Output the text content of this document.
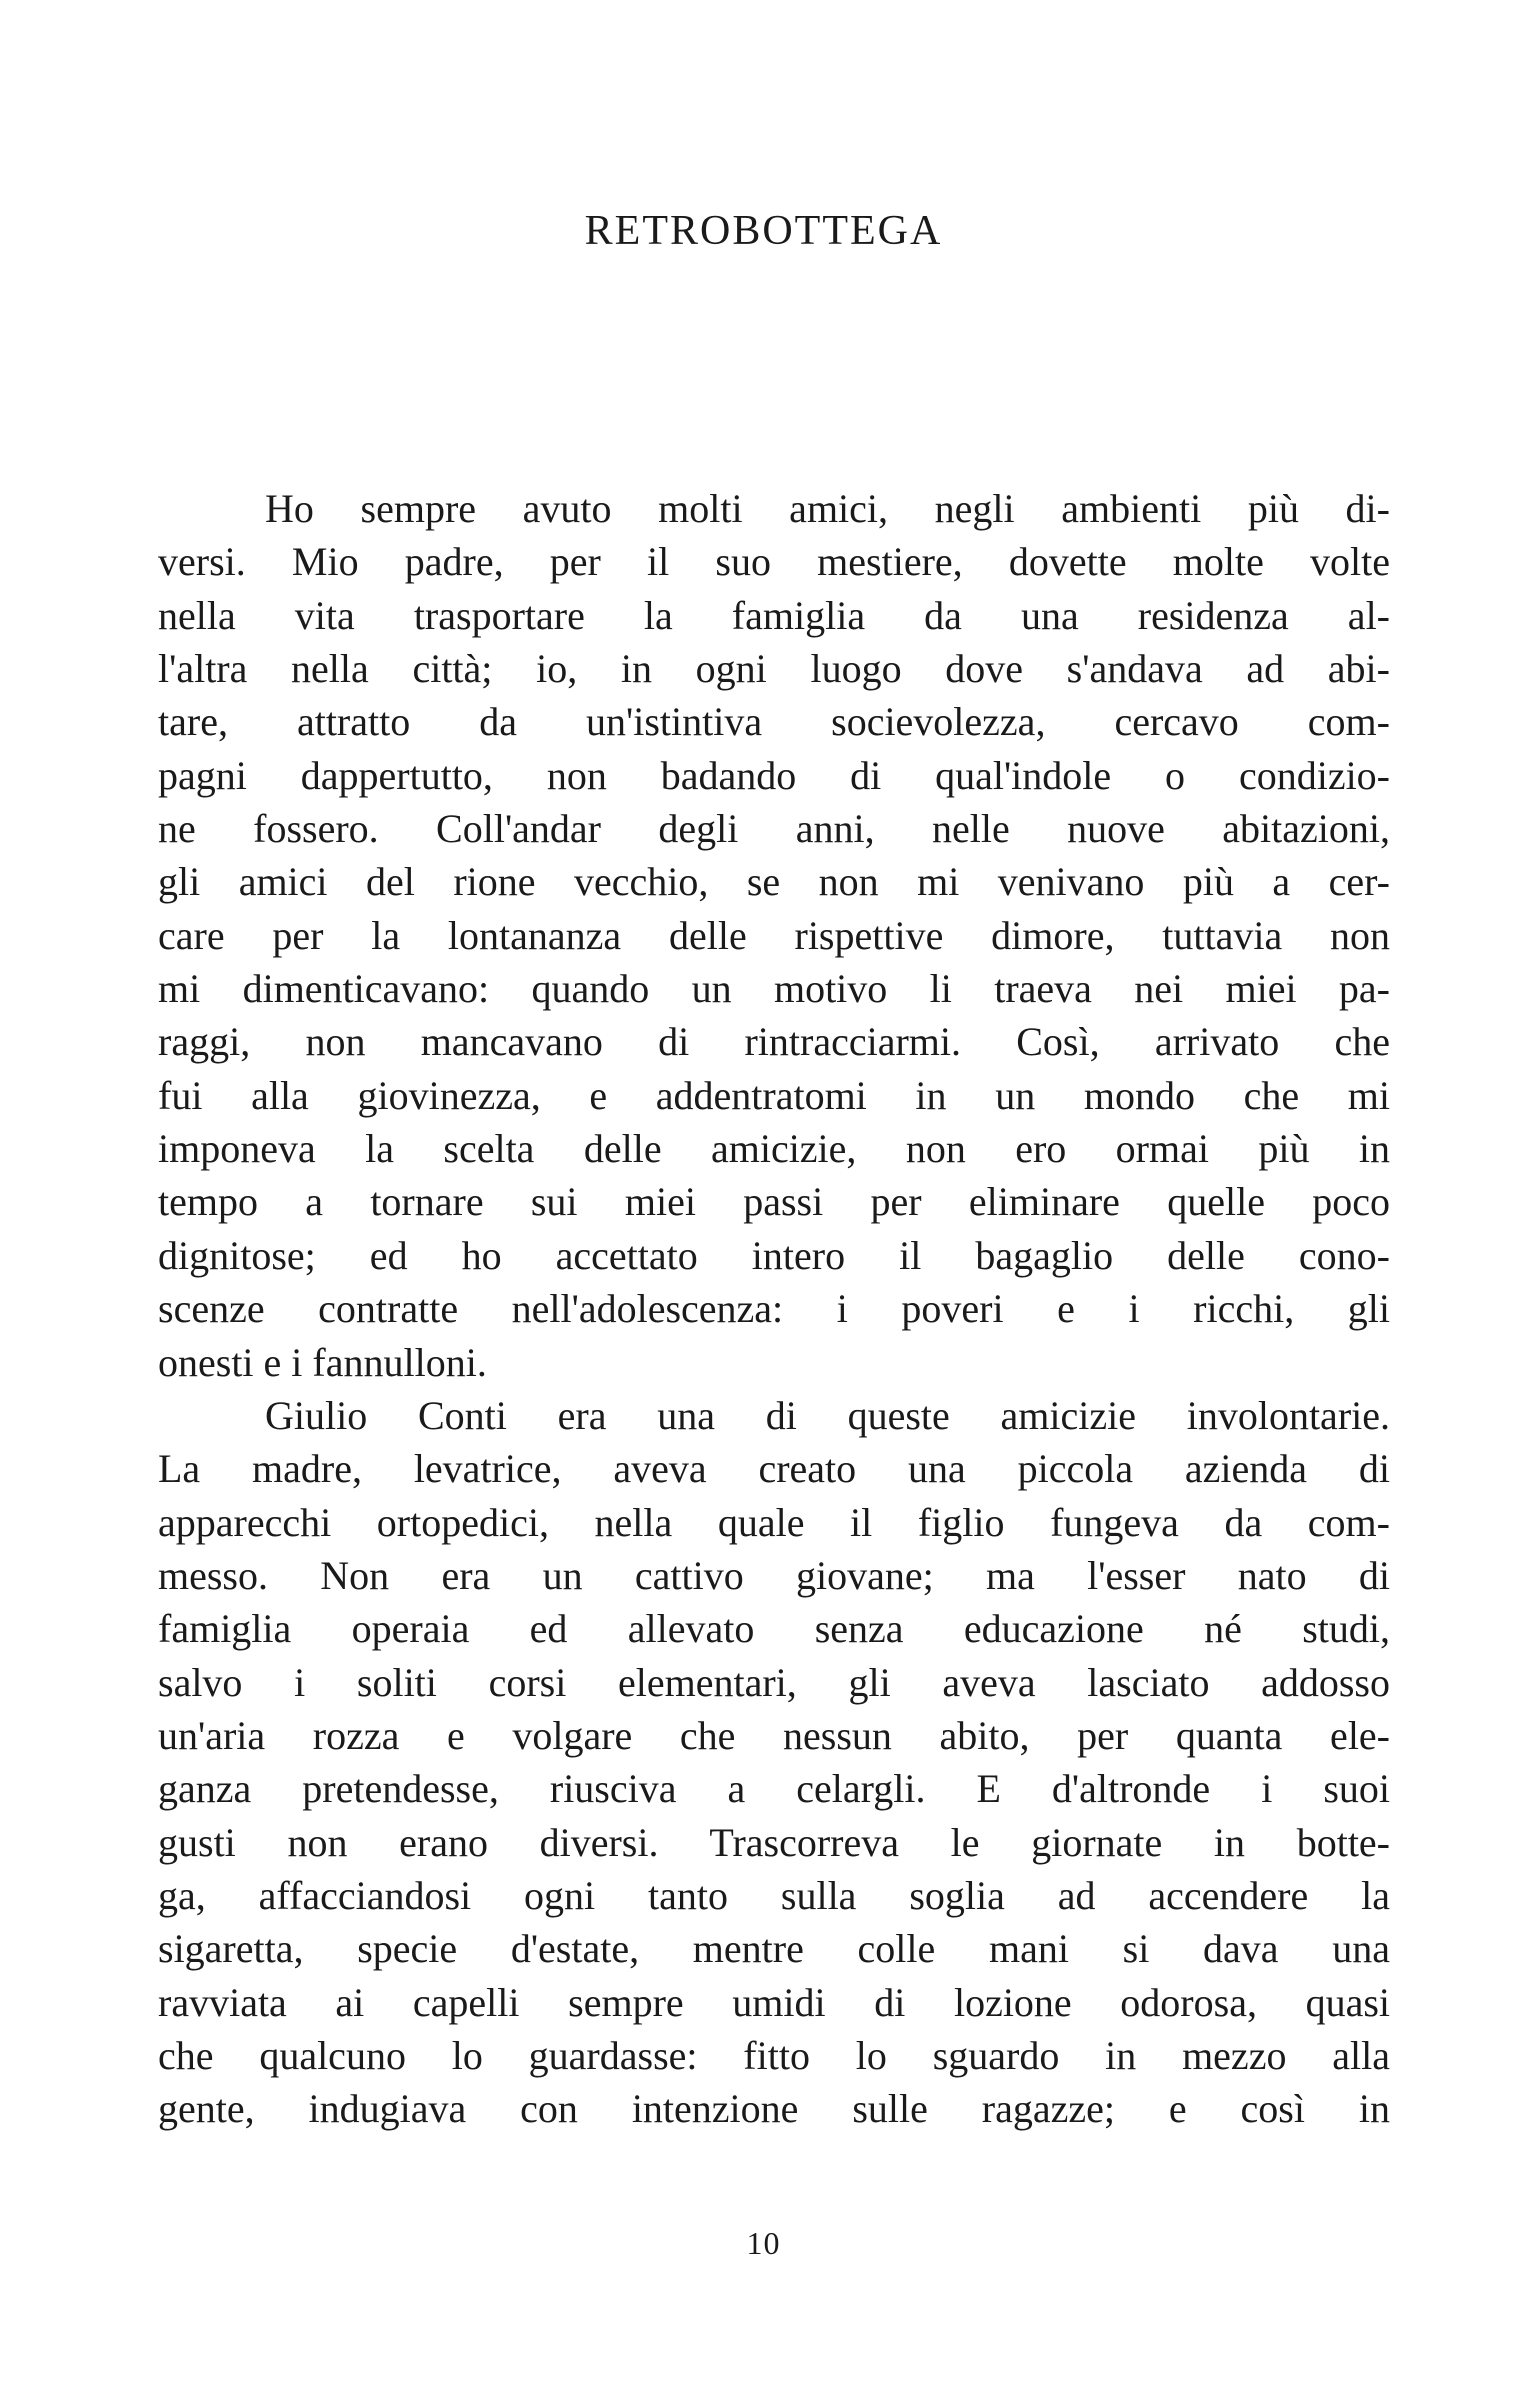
RETROBOTTEGA
Ho sempre avuto molti amici, negli ambienti più di-
versi. Mio padre, per il suo mestiere, dovette molte volte
nella vita trasportare la famiglia da una residenza al-
l'altra nella città; io, in ogni luogo dove s'andava ad abi-
tare, attratto da un'istintiva socievolezza, cercavo com-
pagni dappertutto, non badando di qual'indole o condizio-
ne fossero. Coll'andar degli anni, nelle nuove abitazioni,
gli amici del rione vecchio, se non mi venivano più a cer-
care per la lontananza delle rispettive dimore, tuttavia non
mi dimenticavano: quando un motivo li traeva nei miei pa-
raggi, non mancavano di rintracciarmi. Così, arrivato che
fui alla giovinezza, e addentratomi in un mondo che mi
imponeva la scelta delle amicizie, non ero ormai più in
tempo a tornare sui miei passi per eliminare quelle poco
dignitose; ed ho accettato intero il bagaglio delle cono-
scenze contratte nell'adolescenza: i poveri e i ricchi, gli
onesti e i fannulloni.
Giulio Conti era una di queste amicizie involontarie.
La madre, levatrice, aveva creato una piccola azienda di
apparecchi ortopedici, nella quale il figlio fungeva da com-
messo. Non era un cattivo giovane; ma l'esser nato di
famiglia operaia ed allevato senza educazione né studi,
salvo i soliti corsi elementari, gli aveva lasciato addosso
un'aria rozza e volgare che nessun abito, per quanta ele-
ganza pretendesse, riusciva a celargli. E d'altronde i suoi
gusti non erano diversi. Trascorreva le giornate in botte-
ga, affacciandosi ogni tanto sulla soglia ad accendere la
sigaretta, specie d'estate, mentre colle mani si dava una
ravviata ai capelli sempre umidi di lozione odorosa, quasi
che qualcuno lo guardasse: fitto lo sguardo in mezzo alla
gente, indugiava con intenzione sulle ragazze; e così in
10
